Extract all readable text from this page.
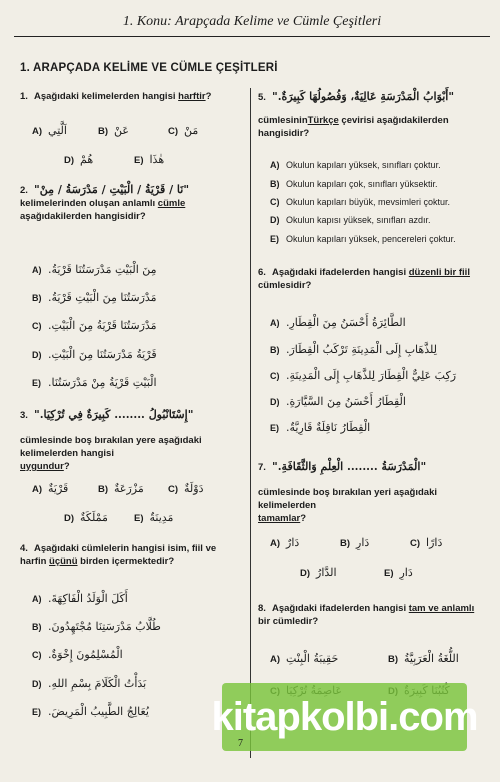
1. Konu: Arapçada Kelime ve Cümle Çeşitleri
1. ARAPÇADA KELİME VE CÜMLE ÇEŞİTLERİ
1. Aşağıdaki kelimelerden hangisi harftir?
A) اَلَّتِي	B) عَنْ	C) مَنْ
D) هُمْ	E) هٰذَا
2. "نَا / قَرْيَةُ / الْبَيْتِ / مَدْرَسَةُ / مِنْ"
kelimelerinden oluşan anlamlı cümle
aşağıdakilerden hangisidir?
A) مِنَ الْبَيْتِ مَدْرَسَتُنَا قَرْيَةُ.
B) مَدْرَسَتُنَا مِنَ الْبَيْتِ قَرْيَةُ.
C) مَدْرَسَتُنَا قَرْيَةُ مِنَ الْبَيْتِ.
D) قَرْيَةُ مَدْرَسَتُنَا مِنَ الْبَيْتِ.
E) الْبَيْتِ قَرْيَةُ مِنْ مَدْرَسَتُنَا.
3. "إِسْتَانْبُولُ ........ كَبِيرَةٌ فِي تُرْكِيَا."

cümlesinde boş bırakılan yere aşağıdaki kelimelerden hangisi
uygundur?
A) قَرْيَةٌ	B) مَزْرَعَةٌ	C) دَوْلَةٌ
D) مَمْلَكَةٌ	E) مَدِينَةٌ
4. Aşağıdaki cümlelerin hangisi isim, fiil ve harfin üçünü birden içermektedir?
A) أَكَلَ الْوَلَدُ الْفَاكِهَةَ.
B) طُلَّابُ مَدْرَسَتِنَا مُجْتَهِدُونَ.
C) الْمُسْلِمُونَ إِخْوَةٌ.
D) بَدَأْتُ الْكَلَامَ بِسْمِ اللهِ.
E) يُعَالِجُ الطَّبِيبُ الْمَرِيضَ.
5. "أَبْوَابُ الْمَدْرَسَةِ عَالِيَةٌ، وَفُصُولُهَا كَبِيرَةٌ."
cümlesininTürkçe çevirisi aşağıdakilerden hangisidir?
A) Okulun kapıları yüksek, sınıfları çoktur.
B) Okulun kapıları çok, sınıfları yüksektir.
C) Okulun kapıları büyük, mevsimleri çoktur.
D) Okulun kapısı yüksek, sınıfları azdır.
E) Okulun kapıları yüksek, pencereleri çoktur.
6. Aşağıdaki ifadelerden hangisi düzenli bir fiil cümlesidir?
A) الطَّائِرَةُ أَحْسَنُ مِنَ الْقِطَارِ.
B) لِلذَّهَابِ إِلَى الْمَدِينَةِ تَرْكَبُ الْقِطَارَ.
C) رَكِبَ عَلِيٌّ الْقِطَارَ لِلذَّهَابِ إِلَى الْمَدِينَةِ.
D) الْقِطَارُ أَحْسَنُ مِنَ السَّيَّارَةِ.
E) الْقِطَارُ نَاقِلَةٌ قَارِيَّةٌ.
7. "الْمَدْرَسَةُ ........ الْعِلْمِ وَالثَّقَافَةِ."
cümlesinde boş bırakılan yeri aşağıdaki kelimelerdentamamlar?
A) دَارٌ	B) دَارِ	C) دَارًا
D) الدَّارُ	E) دَارِ
8. Aşağıdaki ifadelerden hangisi tam ve anlamlı bir cümledir?
A) حَقِيبَةُ الْبِنْتِ	B) اللُّغَةُ الْعَرَبِيَّةُ
kitapkolbi.com
7
